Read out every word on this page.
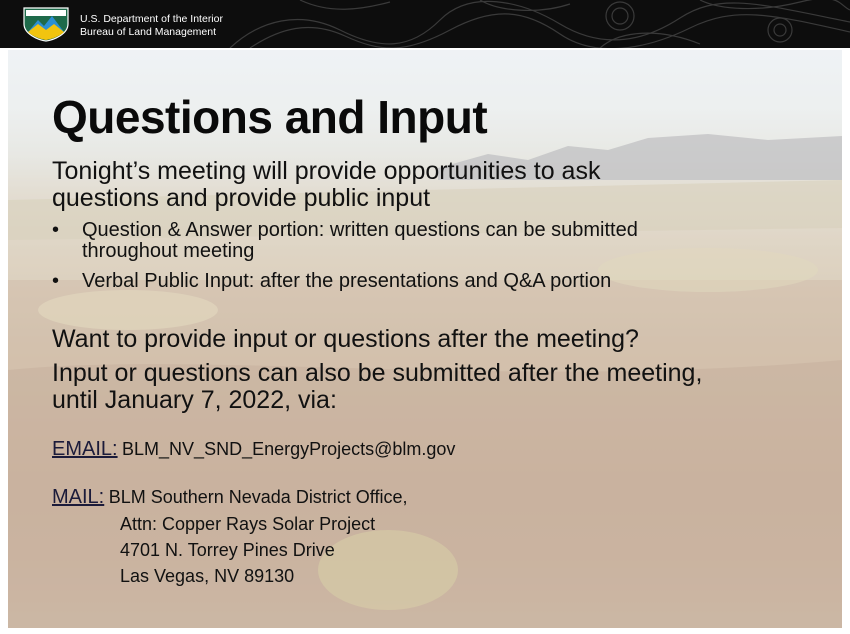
U.S. Department of the Interior
Bureau of Land Management
Questions and Input
Tonight’s meeting will provide opportunities to ask
questions and provide public input
• Question & Answer portion: written questions can be submitted
throughout meeting
• Verbal Public Input: after the presentations and Q&A portion
Want to provide input or questions after the meeting?
Input or questions can also be submitted after the meeting,
until January 7, 2022, via:
EMAIL: BLM_NV_SND_EnergyProjects@blm.gov
MAIL: BLM Southern Nevada District Office,
Attn: Copper Rays Solar Project
4701 N. Torrey Pines Drive
Las Vegas, NV 89130
